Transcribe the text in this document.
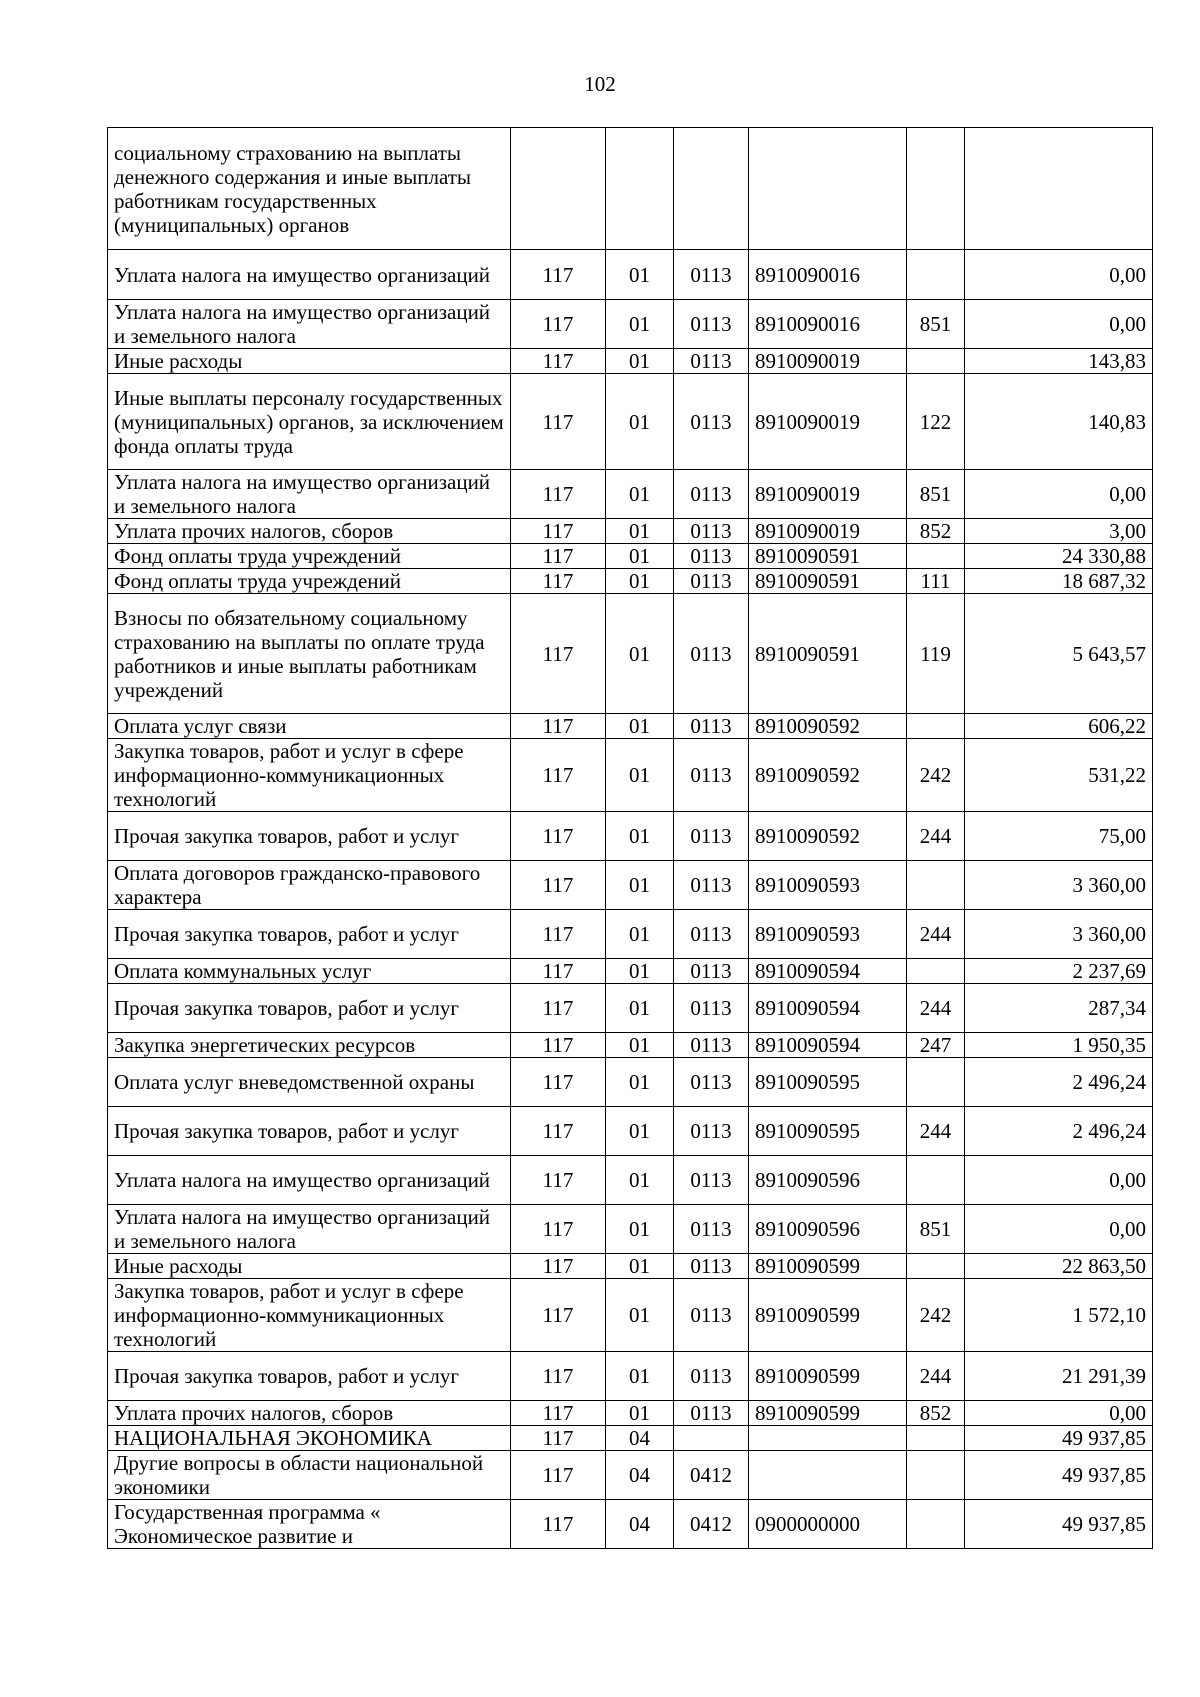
102
социальному страхованию на выплаты денежного содержания и иные выплаты работникам государственных (муниципальных) органов						
Уплата налога на имущество организаций	117	01	0113	8910090016		0,00
Уплата налога на имущество организаций и земельного налога	117	01	0113	8910090016	851	0,00
Иные расходы	117	01	0113	8910090019		143,83
Иные выплаты персоналу государственных (муниципальных) органов, за исключением фонда оплаты труда	117	01	0113	8910090019	122	140,83
Уплата налога на имущество организаций и земельного налога	117	01	0113	8910090019	851	0,00
Уплата прочих налогов, сборов	117	01	0113	8910090019	852	3,00
Фонд оплаты труда учреждений	117	01	0113	8910090591		24 330,88
Фонд оплаты труда учреждений	117	01	0113	8910090591	111	18 687,32
Взносы по обязательному социальному страхованию на выплаты по оплате труда работников и иные выплаты работникам учреждений	117	01	0113	8910090591	119	5 643,57
Оплата услуг связи	117	01	0113	8910090592		606,22
Закупка товаров, работ и услуг в сфере информационно-коммуникационных технологий	117	01	0113	8910090592	242	531,22
Прочая закупка товаров, работ и услуг	117	01	0113	8910090592	244	75,00
Оплата договоров гражданско-правового характера	117	01	0113	8910090593		3 360,00
Прочая закупка товаров, работ и услуг	117	01	0113	8910090593	244	3 360,00
Оплата коммунальных услуг	117	01	0113	8910090594		2 237,69
Прочая закупка товаров, работ и услуг	117	01	0113	8910090594	244	287,34
Закупка энергетических ресурсов	117	01	0113	8910090594	247	1 950,35
Оплата услуг вневедомственной охраны	117	01	0113	8910090595		2 496,24
Прочая закупка товаров, работ и услуг	117	01	0113	8910090595	244	2 496,24
Уплата налога на имущество организаций	117	01	0113	8910090596		0,00
Уплата налога на имущество организаций и земельного налога	117	01	0113	8910090596	851	0,00
Иные расходы	117	01	0113	8910090599		22 863,50
Закупка товаров, работ и услуг в сфере информационно-коммуникационных технологий	117	01	0113	8910090599	242	1 572,10
Прочая закупка товаров, работ и услуг	117	01	0113	8910090599	244	21 291,39
Уплата прочих налогов, сборов	117	01	0113	8910090599	852	0,00
НАЦИОНАЛЬНАЯ ЭКОНОМИКА	117	04				49 937,85
Другие вопросы в области национальной экономики	117	04	0412			49 937,85
Государственная программа « Экономическое развитие и	117	04	0412	0900000000		49 937,85
